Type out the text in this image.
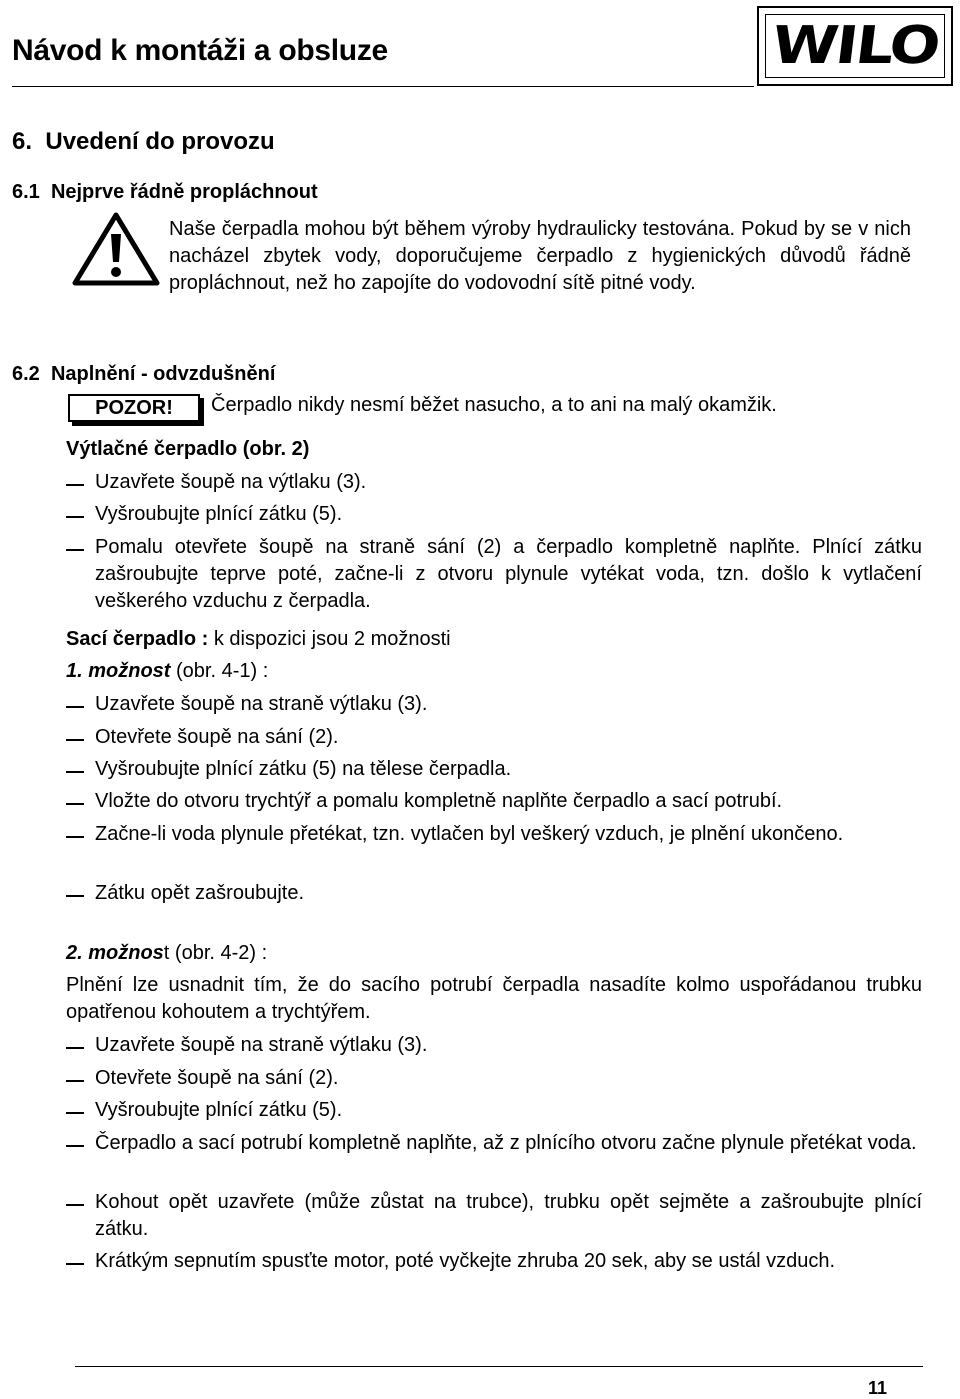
Návod k montáži a obsluze	WILO
6. Uvedení do provozu
6.1 Nejprve řádně propláchnout
Naše čerpadla mohou být během výroby hydraulicky testována. Pokud by se v nich nacházel zbytek vody, doporučujeme čerpadlo z hygienických důvodů řádně propláchnout, než ho zapojíte do vodovodní sítě pitné vody.
6.2 Naplnění - odvzdušnění
POZOR!	Čerpadlo nikdy nesmí běžet nasucho, a to ani na malý okamžik.
Výtlačné čerpadlo (obr. 2)
Uzavřete šoupě na výtlaku (3).
Vyšroubujte plnící zátku (5).
Pomalu otevřete šoupě na straně sání (2) a čerpadlo kompletně naplňte. Plnící zátku zašroubujte teprve poté, začne-li z otvoru plynule vytékat voda, tzn. došlo k vytlačení veškerého vzduchu z čerpadla.
Sací čerpadlo : k dispozici jsou 2 možnosti
1. možnost (obr. 4-1) :
Uzavřete šoupě na straně výtlaku (3).
Otevřete šoupě na sání (2).
Vyšroubujte plnící zátku (5) na tělese čerpadla.
Vložte do otvoru trychtýř a pomalu kompletně naplňte čerpadlo a sací potrubí.
Začne-li voda plynule přetékat, tzn. vytlačen byl veškerý vzduch, je plnění ukončeno.
Zátku opět zašroubujte.
2. možnost (obr. 4-2) :
Plnění lze usnadnit tím, že do sacího potrubí čerpadla nasadíte kolmo uspořádanou trubku opatřenou kohoutem a trychtýřem.
Uzavřete šoupě na straně výtlaku (3).
Otevřete šoupě na sání (2).
Vyšroubujte plnící zátku (5).
Čerpadlo a sací potrubí kompletně naplňte, až z plnícího otvoru začne plynule přetékat voda.
Kohout opět uzavřete (může zůstat na trubce), trubku opět sejměte a zašroubujte plnící zátku.
Krátkým sepnutím spusťte motor, poté vyčkejte zhruba 20 sek, aby se ustál vzduch.
11
